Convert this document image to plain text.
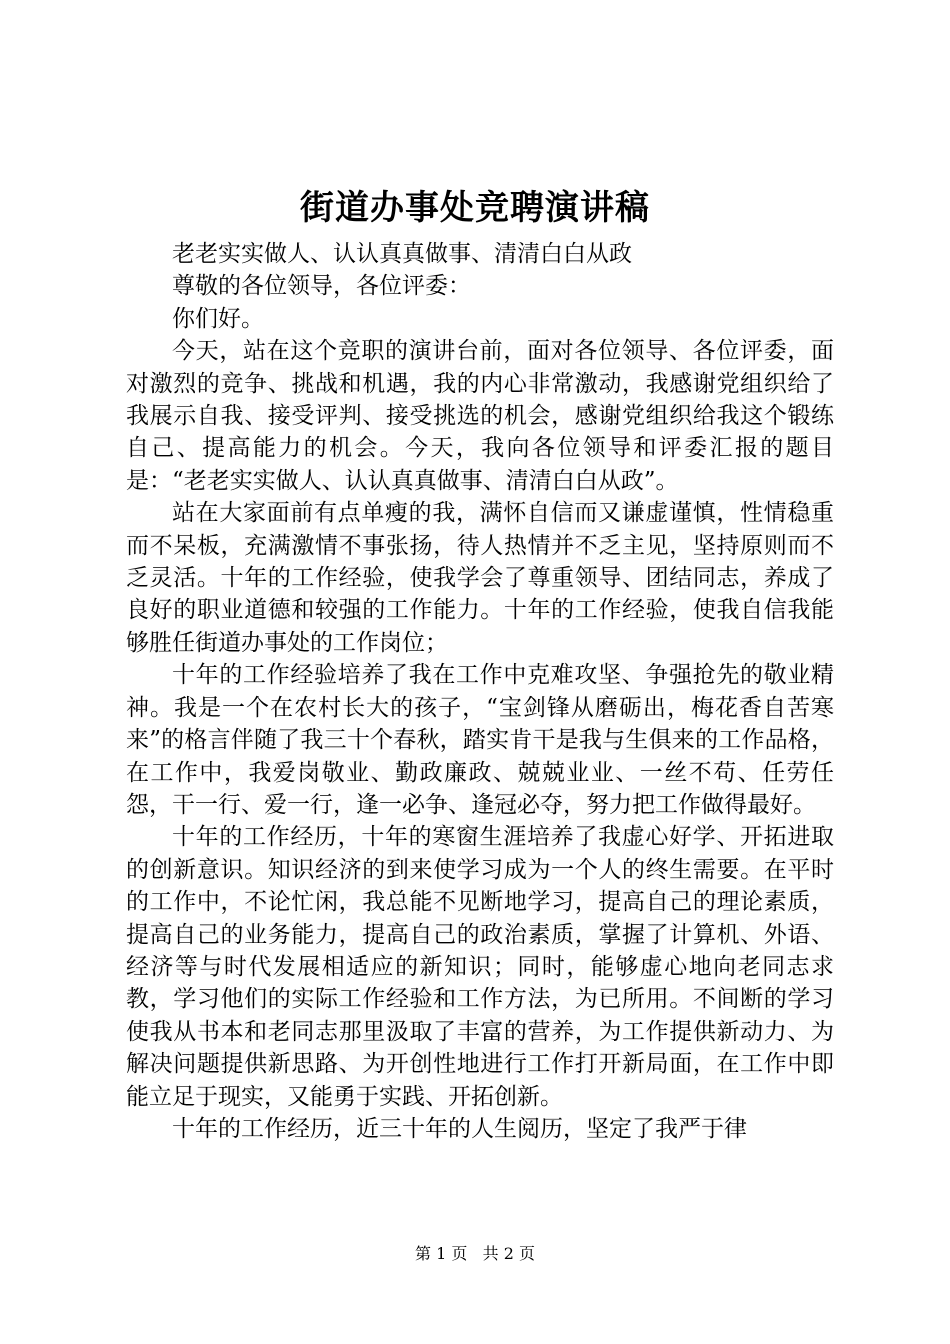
街道办事处竞聘演讲稿

老老实实做人、认认真真做事、清清白白从政

尊敬的各位领导，各位评委：

你们好。

今天，站在这个竞职的演讲台前，面对各位领导、各位评委，面对激烈的竞争、挑战和机遇，我的内心非常激动，我感谢党组织给了我展示自我、接受评判、接受挑选的机会，感谢党组织给我这个锻练自己、提高能力的机会。今天，我向各位领导和评委汇报的题目是：“老老实实做人、认认真真做事、清清白白从政”。

站在大家面前有点单瘦的我，满怀自信而又谦虚谨慎，性情稳重而不呆板，充满激情不事张扬，待人热情并不乏主见，坚持原则而不乏灵活。十年的工作经验，使我学会了尊重领导、团结同志，养成了良好的职业道德和较强的工作能力。十年的工作经验，使我自信我能够胜任街道办事处的工作岗位；

十年的工作经验培养了我在工作中克难攻坚、争强抢先的敬业精神。我是一个在农村长大的孩子，“宝剑锋从磨砺出，梅花香自苦寒来”的格言伴随了我三十个春秋，踏实肯干是我与生俱来的工作品格，在工作中，我爱岗敬业、勤政廉政、兢兢业业、一丝不苟、任劳任怨，干一行、爱一行，逢一必争、逢冠必夺，努力把工作做得最好。

十年的工作经历，十年的寒窗生涯培养了我虚心好学、开拓进取的创新意识。知识经济的到来使学习成为一个人的终生需要。在平时的工作中，不论忙闲，我总能不见断地学习，提高自己的理论素质，提高自己的业务能力，提高自己的政治素质，掌握了计算机、外语、经济等与时代发展相适应的新知识；同时，能够虚心地向老同志求教，学习他们的实际工作经验和工作方法，为已所用。不间断的学习使我从书本和老同志那里汲取了丰富的营养，为工作提供新动力、为解决问题提供新思路、为开创性地进行工作打开新局面，在工作中即能立足于现实，又能勇于实践、开拓创新。

十年的工作经历，近三十年的人生阅历，坚定了我严于律

第 1 页   共 2 页
